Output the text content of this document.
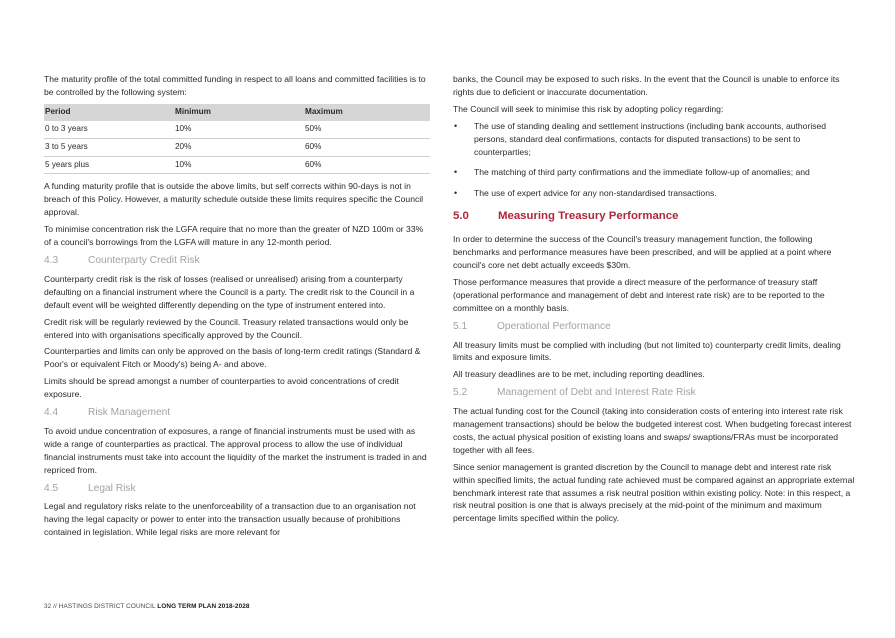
The maturity profile of the total committed funding in respect to all loans and committed facilities is to be controlled by the following system:

Period	Minimum	Maximum
0 to 3 years	10%	50%
3 to 5 years	20%	60%
5 years plus	10%	60%

A funding maturity profile that is outside the above limits, but self corrects within 90-days is not in breach of this Policy. However, a maturity schedule outside these limits requires specific the Council approval.

To minimise concentration risk the LGFA require that no more than the greater of NZD 100m or 33% of a council's borrowings from the LGFA will mature in any 12-month period.

4.3	Counterparty Credit Risk

Counterparty credit risk is the risk of losses (realised or unrealised) arising from a counterparty defaulting on a financial instrument where the Council is a party. The credit risk to the Council in a default event will be weighted differently depending on the type of instrument entered into.

Credit risk will be regularly reviewed by the Council. Treasury related transactions would only be entered into with organisations specifically approved by the Council.

Counterparties and limits can only be approved on the basis of long-term credit ratings (Standard & Poor's or equivalent Fitch or Moody's) being A- and above.

Limits should be spread amongst a number of counterparties to avoid concentrations of credit exposure.

4.4	Risk Management

To avoid undue concentration of exposures, a range of financial instruments must be used with as wide a range of counterparties as practical. The approval process to allow the use of individual financial instruments must take into account the liquidity of the market the instrument is traded in and repriced from.

4.5	Legal Risk

Legal and regulatory risks relate to the unenforceability of a transaction due to an organisation not having the legal capacity or power to enter into the transaction usually because of prohibitions contained in legislation. While legal risks are more relevant for

banks, the Council may be exposed to such risks. In the event that the Council is unable to enforce its rights due to deficient or inaccurate documentation.

The Council will seek to minimise this risk by adopting policy regarding:

• The use of standing dealing and settlement instructions (including bank accounts, authorised persons, standard deal confirmations, contacts for disputed transactions) to be sent to counterparties;
• The matching of third party confirmations and the immediate follow-up of anomalies; and
• The use of expert advice for any non-standardised transactions.
5.0	Measuring Treasury Performance

In order to determine the success of the Council's treasury management function, the following benchmarks and performance measures have been prescribed, and will be applied at a point where council's core net debt actually exceeds $30m.

Those performance measures that provide a direct measure of the performance of treasury staff (operational performance and management of debt and interest rate risk) are to be reported to the committee on a monthly basis.

5.1	Operational Performance

All treasury limits must be complied with including (but not limited to) counterparty credit limits, dealing limits and exposure limits.

All treasury deadlines are to be met, including reporting deadlines.

5.2	Management of Debt and Interest Rate Risk

The actual funding cost for the Council (taking into consideration costs of entering into interest rate risk management transactions) should be below the budgeted interest cost. When budgeting forecast interest costs, the actual physical position of existing loans and swaps/ swaptions/FRAs must be incorporated together with all fees.

Since senior management is granted discretion by the Council to manage debt and interest rate risk within specified limits, the actual funding rate achieved must be compared against an appropriate external benchmark interest rate that assumes a risk neutral position within existing policy. Note: in this respect, a risk neutral position is one that is always precisely at the mid-point of the minimum and maximum percentage limits specified within the policy.

32 // HASTINGS DISTRICT COUNCIL LONG TERM PLAN 2018-2028
